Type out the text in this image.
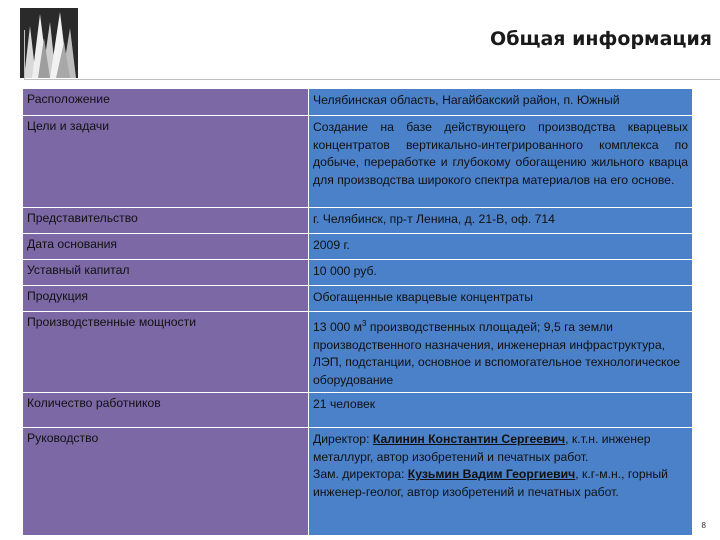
Общая информация
Расположение	Челябинская область, Нагайбакский район, п. Южный
Цели и задачи	Создание на базе действующего производства кварцевых концентратов вертикально-интегрированного комплекса по добыче, переработке и глубокому обогащению жильного кварца для производства широкого спектра материалов на его основе.
Представительство	г. Челябинск, пр-т Ленина, д. 21-В, оф. 714
Дата основания	2009 г.
Уставный капитал	10 000 руб.
Продукция	Обогащенные кварцевые концентраты
Производственные мощности	13 000 $м^3$ производственных площадей; 9,5 га земли производственного назначения, инженерная инфраструктура, ЛЭП, подстанции, основное и вспомогательное технологическое оборудование
Количество работников	21 человек
Руководство	Директор: Калинин Константин Сергеевич, к.т.н. инженер металлург, автор изобретений и печатных работ.
Зам. директора: Кузьмин Вадим Георгиевич, к.г-м.н., горный инженер-геолог, автор изобретений и печатных работ.
8
